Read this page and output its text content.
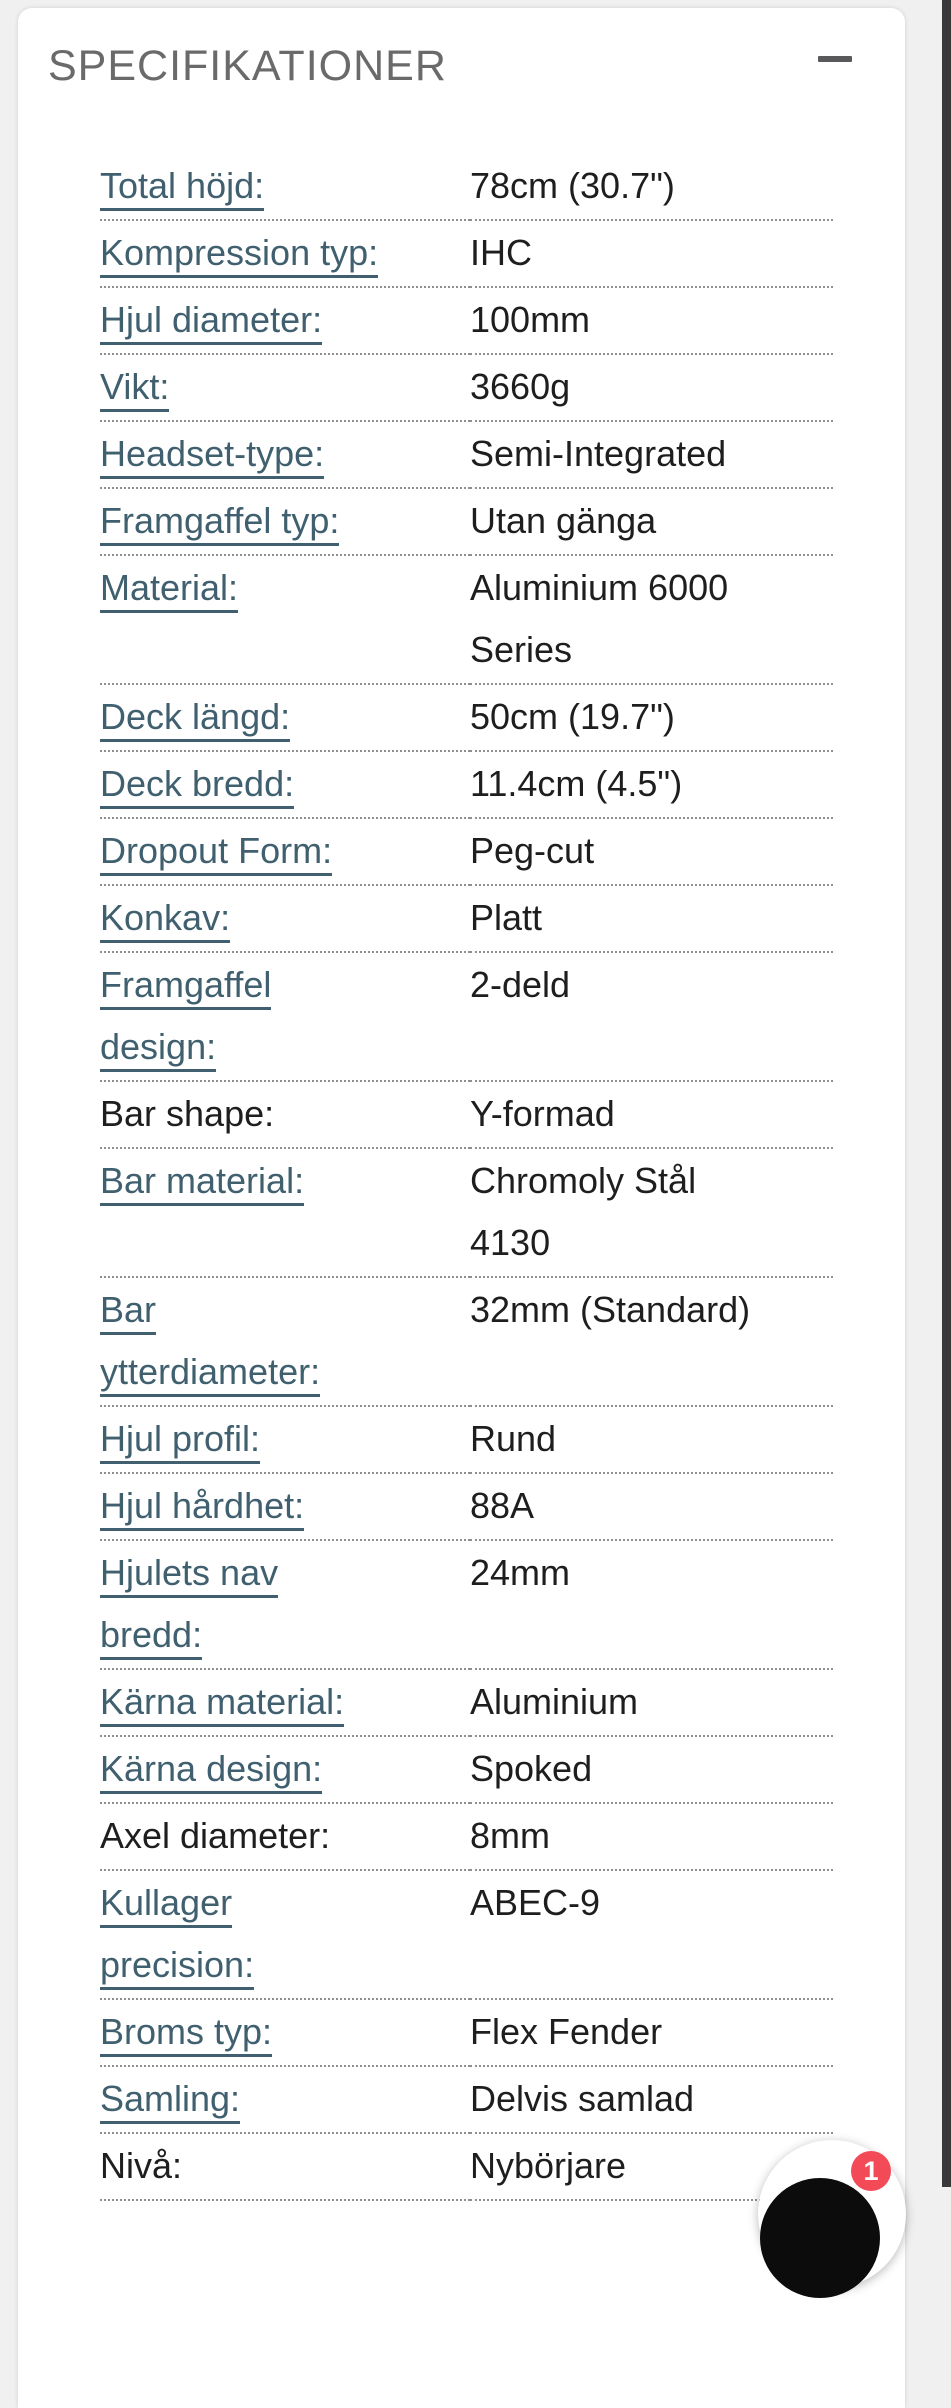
SPECIFIKATIONER
Total höjd:	78cm (30.7")
Kompression typ:	IHC
Hjul diameter:	100mm
Vikt:	3660g
Headset-type:	Semi-Integrated
Framgaffel typ:	Utan gänga
Material:	Aluminium 6000
Series
Deck längd:	50cm (19.7")
Deck bredd:	11.4cm (4.5")
Dropout Form:	Peg-cut
Konkav:	Platt
Framgaffel
design:	2-deld
Bar shape:	Y-formad
Bar material:	Chromoly Stål
4130
Bar
ytterdiameter:	32mm (Standard)
Hjul profil:	Rund
Hjul hårdhet:	88A
Hjulets nav
bredd:	24mm
Kärna material:	Aluminium
Kärna design:	Spoked
Axel diameter:	8mm
Kullager
precision:	ABEC-9
Broms typ:	Flex Fender
Samling:	Delvis samlad
Nivå:	Nybörjare	1
